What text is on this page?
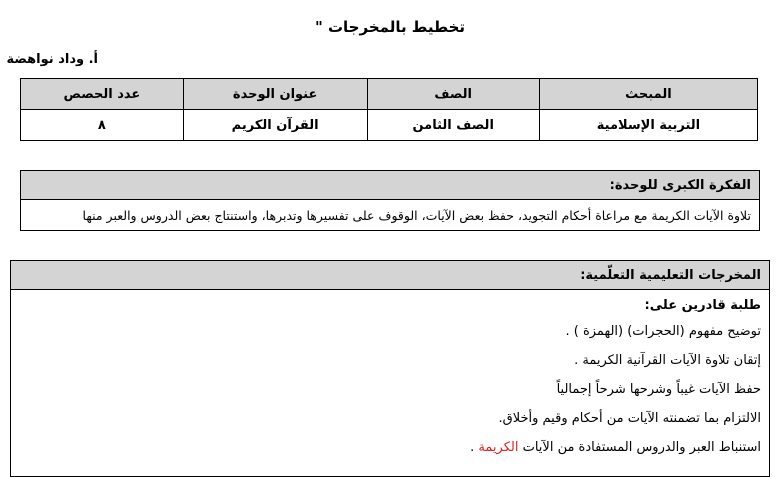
تخطيط بالمخرجات "
أ. وداد نواهضة
المبحث	الصف	عنوان الوحدة	عدد الحصص
التربية الإسلامية	الصف الثامن	القرآن الكريم	٨
الفكرة الكبرى للوحدة:
تلاوة الآيات الكريمة مع مراعاة أحكام التجويد، حفظ بعض الآيات، الوقوف على تفسيرها وتدبرها، واستنتاج بعض الدروس والعبر منها
المخرجات التعليمية التعلّمية:
طلبة قادرين على:
توضيح مفهوم (الحجرات) (الهمزة ) .
إتقان تلاوة الآيات القرآنية الكريمة .
حفظ الآيات غيباً وشرحها شرحاً إجمالياً
الالتزام بما تضمنته الآيات من أحكام وقيم وأخلاق.
استنباط العبر والدروس المستفادة من الآيات الكريمة .
